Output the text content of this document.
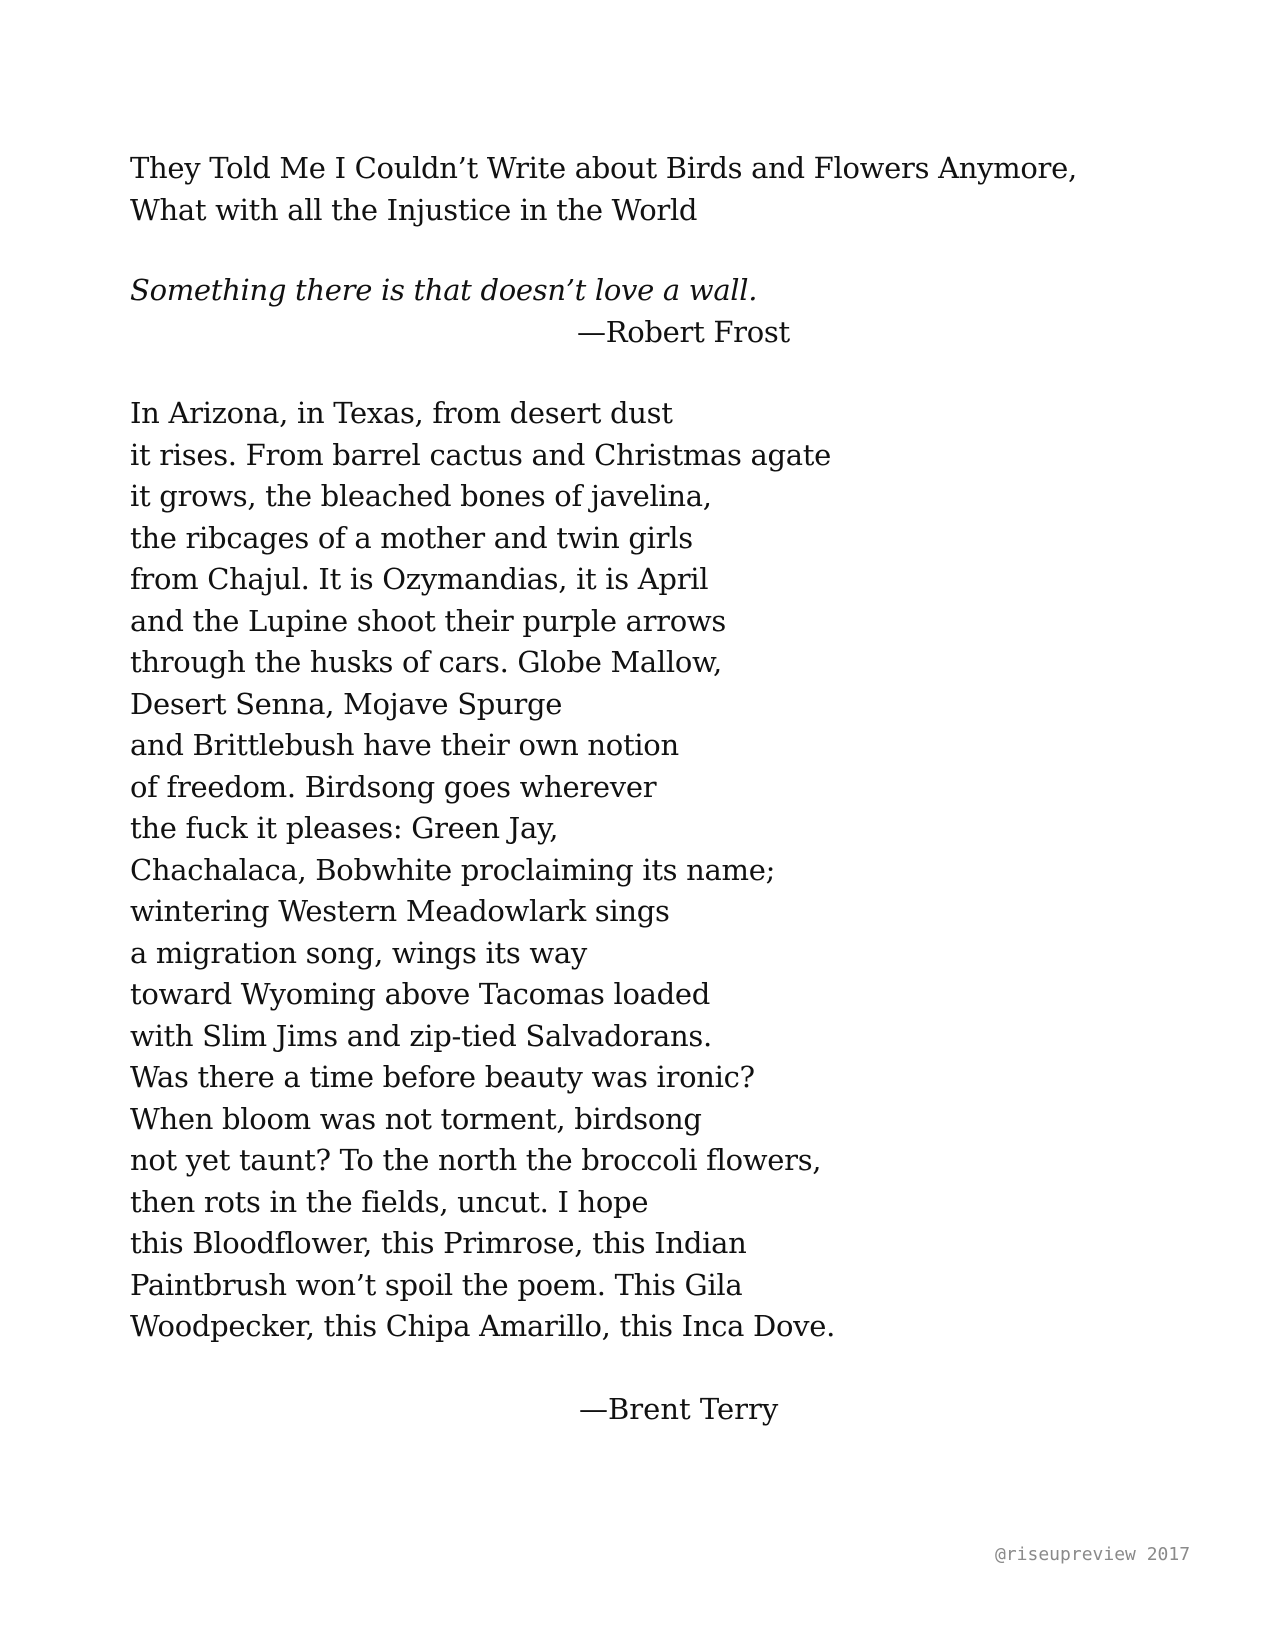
They Told Me I Couldn’t Write about Birds and Flowers Anymore,
What with all the Injustice in the World
Something there is that doesn’t love a wall.
—Robert Frost
In Arizona, in Texas, from desert dust
it rises. From barrel cactus and Christmas agate
it grows, the bleached bones of javelina,
the ribcages of a mother and twin girls
from Chajul. It is Ozymandias, it is April
and the Lupine shoot their purple arrows
through the husks of cars. Globe Mallow,
Desert Senna, Mojave Spurge
and Brittlebush have their own notion
of freedom. Birdsong goes wherever
the fuck it pleases: Green Jay,
Chachalaca, Bobwhite proclaiming its name;
wintering Western Meadowlark sings
a migration song, wings its way
toward Wyoming above Tacomas loaded
with Slim Jims and zip-tied Salvadorans.
Was there a time before beauty was ironic?
When bloom was not torment, birdsong
not yet taunt? To the north the broccoli flowers,
then rots in the fields, uncut. I hope
this Bloodflower, this Primrose, this Indian
Paintbrush won’t spoil the poem. This Gila
Woodpecker, this Chipa Amarillo, this Inca Dove.
—Brent Terry
@riseupreview 2017
